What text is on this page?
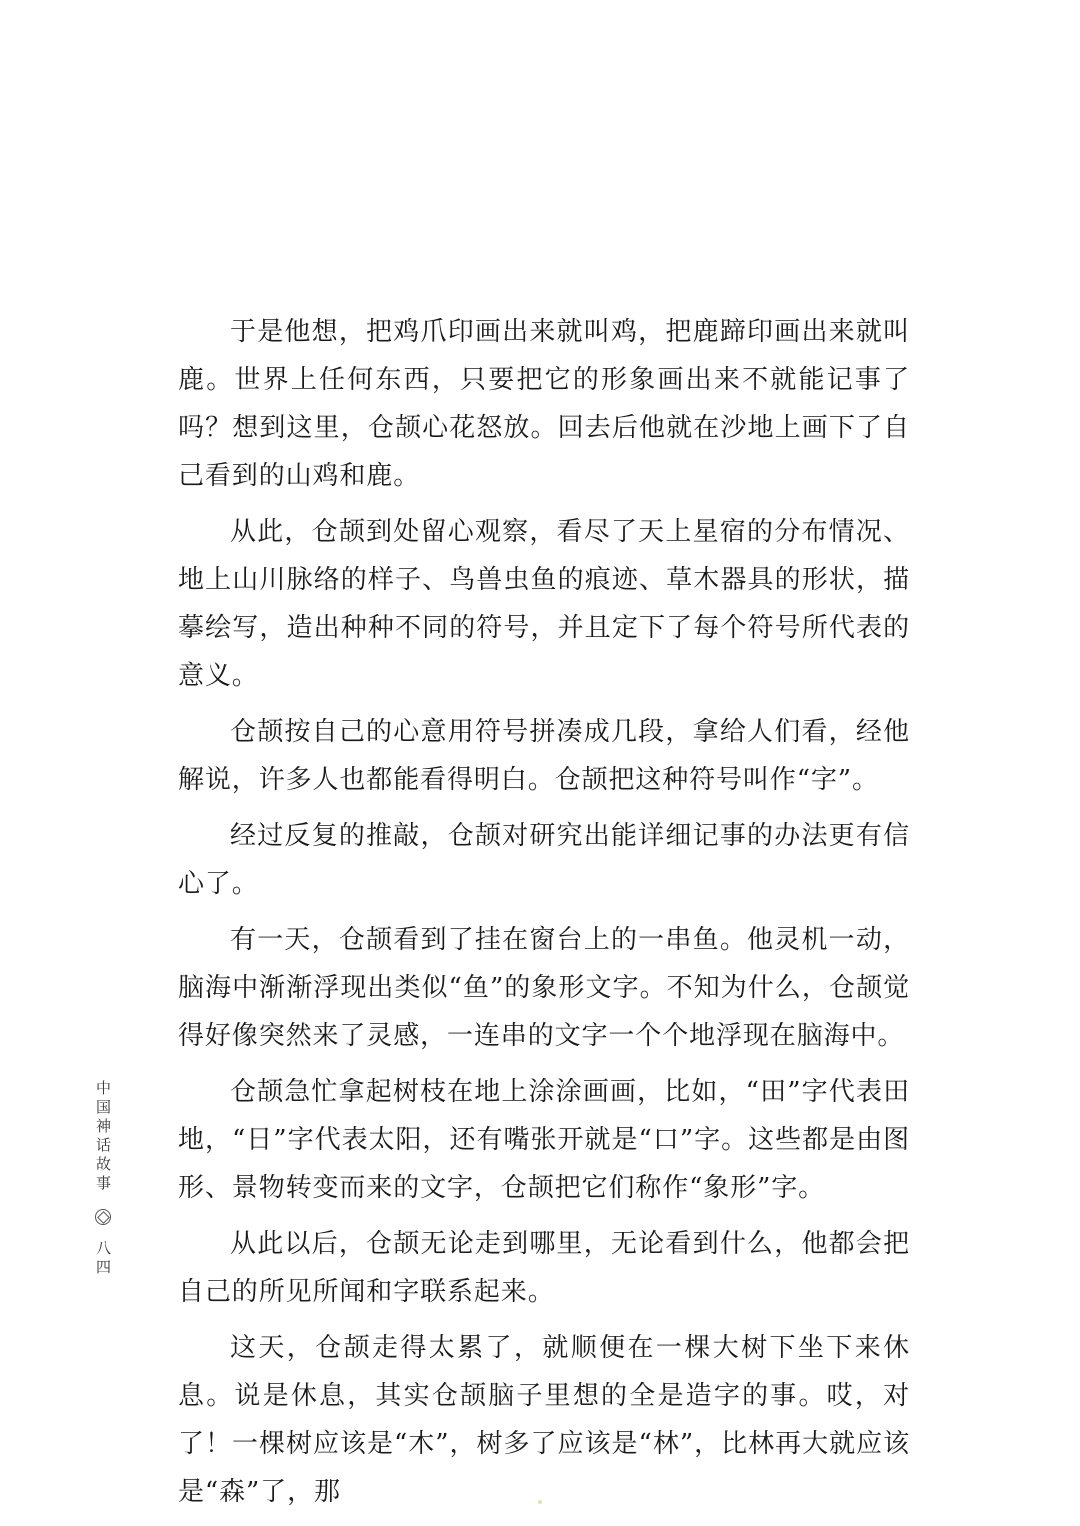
于是他想，把鸡爪印画出来就叫鸡，把鹿蹄印画出来就叫鹿。世界上任何东西，只要把它的形象画出来不就能记事了吗？想到这里，仓颉心花怒放。回去后他就在沙地上画下了自己看到的山鸡和鹿。

从此，仓颉到处留心观察，看尽了天上星宿的分布情况、地上山川脉络的样子、鸟兽虫鱼的痕迹、草木器具的形状，描摹绘写，造出种种不同的符号，并且定下了每个符号所代表的意义。

仓颉按自己的心意用符号拼凑成几段，拿给人们看，经他解说，许多人也都能看得明白。仓颉把这种符号叫作“字”。

经过反复的推敲，仓颉对研究出能详细记事的办法更有信心了。

有一天，仓颉看到了挂在窗台上的一串鱼。他灵机一动，脑海中渐渐浮现出类似“鱼”的象形文字。不知为什么，仓颉觉得好像突然来了灵感，一连串的文字一个个地浮现在脑海中。

仓颉急忙拿起树枝在地上涂涂画画，比如，“田”字代表田地，“日”字代表太阳，还有嘴张开就是“口”字。这些都是由图形、景物转变而来的文字，仓颉把它们称作“象形”字。

从此以后，仓颉无论走到哪里，无论看到什么，他都会把自己的所见所闻和字联系起来。

这天，仓颉走得太累了，就顺便在一棵大树下坐下来休息。说是休息，其实仓颉脑子里想的全是造字的事。哎，对了！一棵树应该是“木”，树多了应该是“林”，比林再大就应该是“森”了，那

中国神话故事  八四
